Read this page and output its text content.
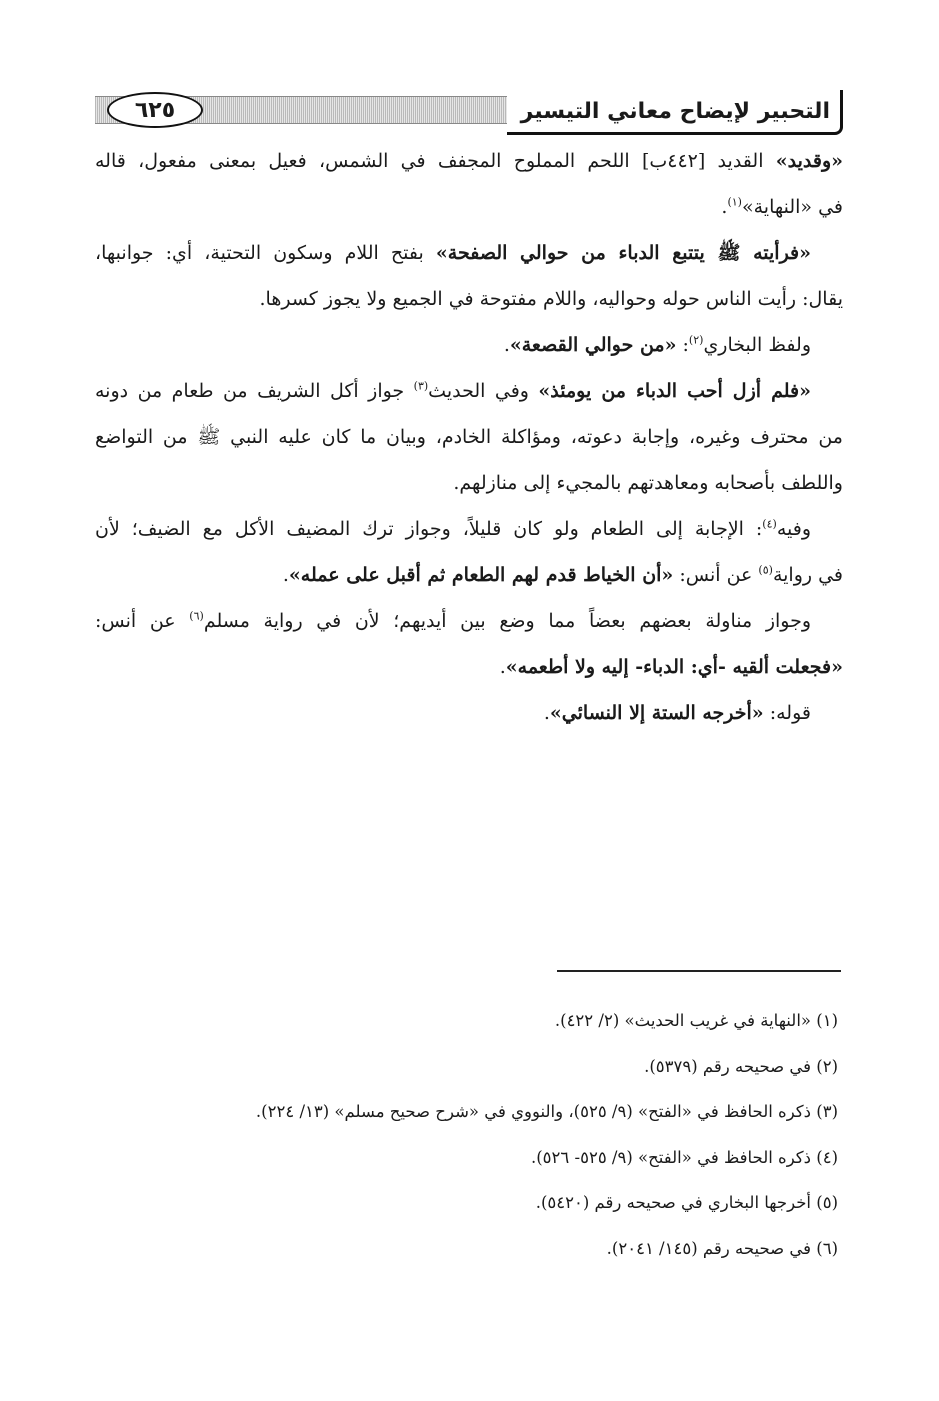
٦٢٥	التحبير لإيضاح معاني التيسير

«وقديد» القديد [٤٤٢ب] اللحم المملوح المجفف في الشمس، فعيل بمعنى مفعول، قاله

في «النهاية»$^{(١)}$.

«فرأيته ﷺ يتتبع الدباء من حوالي الصفحة» بفتح اللام وسكون التحتية، أي: جوانبها،

يقال: رأيت الناس حوله وحواليه، واللام مفتوحة في الجميع ولا يجوز كسرها.

ولفظ البخاري$^{(٢)}$: «من حوالي القصعة».

«فلم أزل أحب الدباء من يومئذ» وفي الحديث$^{(٣)}$ جواز أكل الشريف من طعام من دونه

من محترف وغيره، وإجابة دعوته، ومؤاكلة الخادم، وبيان ما كان عليه النبي ﷺ من التواضع

واللطف بأصحابه ومعاهدتهم بالمجيء إلى منازلهم.

وفيه$^{(٤)}$: الإجابة إلى الطعام ولو كان قليلاً، وجواز ترك المضيف الأكل مع الضيف؛ لأن

في رواية$^{(٥)}$ عن أنس: «أن الخياط قدم لهم الطعام ثم أقبل على عمله».

وجواز مناولة بعضهم بعضاً مما وضع بين أيديهم؛ لأن في رواية مسلم$^{(٦)}$ عن أنس:

«فجعلت ألقيه -أي: الدباء- إليه ولا أطعمه».

قوله: «أخرجه الستة إلا النسائي».

(١) «النهاية في غريب الحديث» (٢/ ٤٢٢).

(٢) في صحيحه رقم (٥٣٧٩).

(٣) ذكره الحافظ في «الفتح» (٩/ ٥٢٥)، والنووي في «شرح صحيح مسلم» (١٣/ ٢٢٤).

(٤) ذكره الحافظ في «الفتح» (٩/ ٥٢٥- ٥٢٦).

(٥) أخرجها البخاري في صحيحه رقم (٥٤٢٠).

(٦) في صحيحه رقم (١٤٥/ ٢٠٤١).
